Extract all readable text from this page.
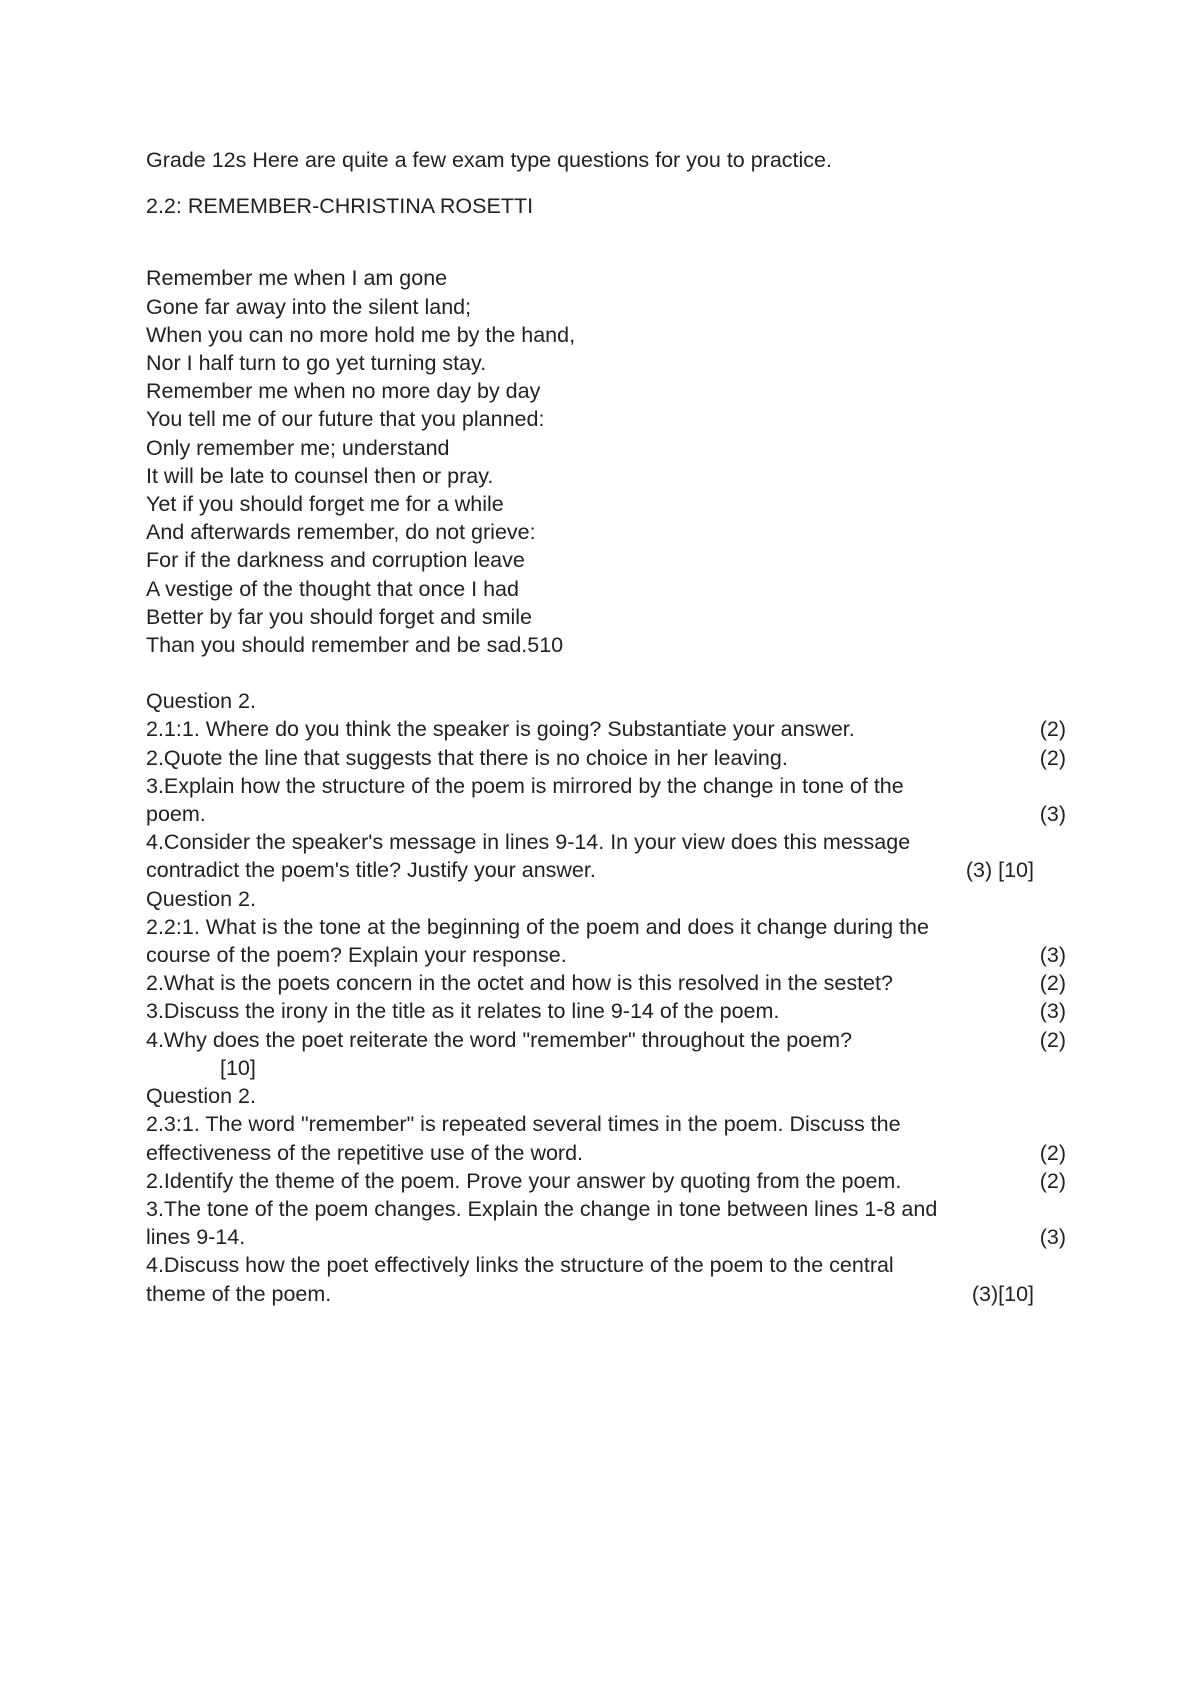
Grade 12s Here are quite a few exam type questions for you to practice.

2.2: REMEMBER-CHRISTINA ROSETTI

Remember me when I am gone
Gone far away into the silent land;
When you can no more hold me by the hand,
Nor I half turn to go yet turning stay.
Remember me when no more day by day
You tell me of our future that you planned:
Only remember me; understand
It will be late to counsel then or pray.
Yet if you should forget me for a while
And afterwards remember, do not grieve:
For if the darkness and corruption leave
A vestige of the thought that once I had
Better by far you should forget and smile
Than you should remember and be sad.510
Question 2.
2.1:1. Where do you think the speaker is going? Substantiate your answer.	(2)
2.Quote the line that suggests that there is no choice in her leaving.	(2)
3.Explain how the structure of the poem is mirrored by the change in tone of the
poem.	(3)
4.Consider the speaker's message in lines 9-14. In your view does this message
contradict the poem's title? Justify your answer.	(3) [10]
Question 2.
2.2:1. What is the tone at the beginning of the poem and does it change during the
course of the poem? Explain your response.	(3)
2.What is the poets concern in the octet and how is this resolved in the sestet?	(2)
3.Discuss the irony in the title as it relates to line 9-14 of the poem.	(3)
4.Why does the poet reiterate the word "remember" throughout the poem?	(2)
[10]
Question 2.
2.3:1. The word "remember" is repeated several times in the poem. Discuss the
effectiveness of the repetitive use of the word.	(2)
2.Identify the theme of the poem. Prove your answer by quoting from the poem.	(2)
3.The tone of the poem changes. Explain the change in tone between lines 1-8 and
lines 9-14.	(3)
4.Discuss how the poet effectively links the structure of the poem to the central
theme of the poem.	(3)[10]
